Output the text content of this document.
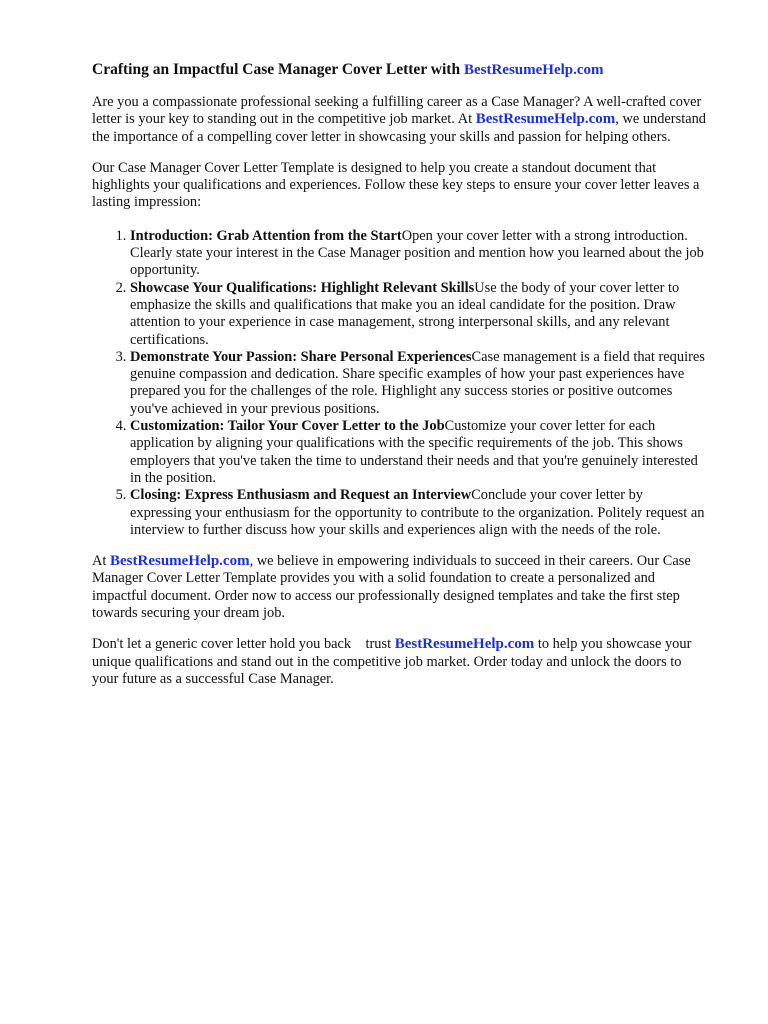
Crafting an Impactful Case Manager Cover Letter with BestResumeHelp.com

Are you a compassionate professional seeking a fulfilling career as a Case Manager? A well-crafted cover letter is your key to standing out in the competitive job market. At BestResumeHelp.com, we understand the importance of a compelling cover letter in showcasing your skills and passion for helping others.

Our Case Manager Cover Letter Template is designed to help you create a standout document that highlights your qualifications and experiences. Follow these key steps to ensure your cover letter leaves a lasting impression:

1. Introduction: Grab Attention from the StartOpen your cover letter with a strong introduction. Clearly state your interest in the Case Manager position and mention how you learned about the job opportunity.
2. Showcase Your Qualifications: Highlight Relevant SkillsUse the body of your cover letter to emphasize the skills and qualifications that make you an ideal candidate for the position. Draw attention to your experience in case management, strong interpersonal skills, and any relevant certifications.
3. Demonstrate Your Passion: Share Personal ExperiencesCase management is a field that requires genuine compassion and dedication. Share specific examples of how your past experiences have prepared you for the challenges of the role. Highlight any success stories or positive outcomes you've achieved in your previous positions.
4. Customization: Tailor Your Cover Letter to the JobCustomize your cover letter for each application by aligning your qualifications with the specific requirements of the job. This shows employers that you've taken the time to understand their needs and that you're genuinely interested in the position.
5. Closing: Express Enthusiasm and Request an InterviewConclude your cover letter by expressing your enthusiasm for the opportunity to contribute to the organization. Politely request an interview to further discuss how your skills and experiences align with the needs of the role.

At BestResumeHelp.com, we believe in empowering individuals to succeed in their careers. Our Case Manager Cover Letter Template provides you with a solid foundation to create a personalized and impactful document. Order now to access our professionally designed templates and take the first step towards securing your dream job.

Don't let a generic cover letter hold you back    trust BestResumeHelp.com to help you showcase your unique qualifications and stand out in the competitive job market. Order today and unlock the doors to your future as a successful Case Manager.
